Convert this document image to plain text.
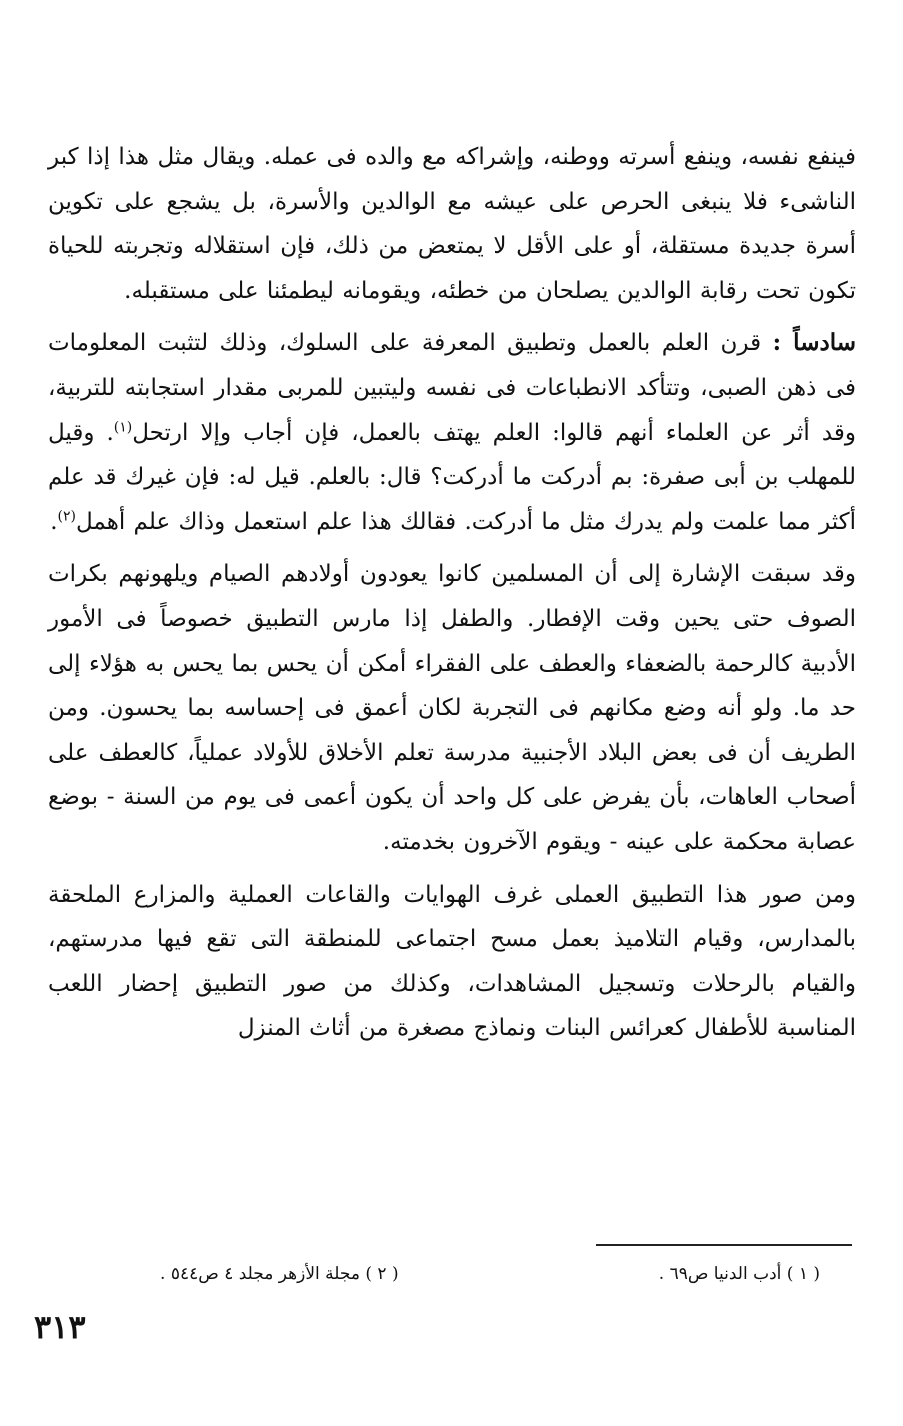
فينفع نفسه، وينفع أسرته ووطنه، وإشراكه مع والده فى عمله. ويقال مثل هذا إذا كبر الناشىء فلا ينبغى الحرص على عيشه مع الوالدين والأسرة، بل يشجع على تكوين أسرة جديدة مستقلة، أو على الأقل لا يمتعض من ذلك، فإن استقلاله وتجربته للحياة تكون تحت رقابة الوالدين يصلحان من خطئه، ويقومانه ليطمئنا على مستقبله.

سادساً : قرن العلم بالعمل وتطبيق المعرفة على السلوك، وذلك لتثبت المعلومات فى ذهن الصبى، وتتأكد الانطباعات فى نفسه وليتبين للمربى مقدار استجابته للتربية، وقد أثر عن العلماء أنهم قالوا: العلم يهتف بالعمل، فإن أجاب وإلا ارتحل$^{(١)}$. وقيل للمهلب بن أبى صفرة: بم أدركت ما أدركت؟ قال: بالعلم. قيل له: فإن غيرك قد علم أكثر مما علمت ولم يدرك مثل ما أدركت. فقالك هذا علم استعمل وذاك علم أهمل$^{(٢)}$.

وقد سبقت الإشارة إلى أن المسلمين كانوا يعودون أولادهم الصيام ويلهونهم بكرات الصوف حتى يحين وقت الإفطار. والطفل إذا مارس التطبيق خصوصاً فى الأمور الأدبية كالرحمة بالضعفاء والعطف على الفقراء أمكن أن يحس بما يحس به هؤلاء إلى حد ما. ولو أنه وضع مكانهم فى التجربة لكان أعمق فى إحساسه بما يحسون. ومن الطريف أن فى بعض البلاد الأجنبية مدرسة تعلم الأخلاق للأولاد عملياً، كالعطف على أصحاب العاهات، بأن يفرض على كل واحد أن يكون أعمى فى يوم من السنة - بوضع عصابة محكمة على عينه - ويقوم الآخرون بخدمته.

ومن صور هذا التطبيق العملى غرف الهوايات والقاعات العملية والمزارع الملحقة بالمدارس، وقيام التلاميذ بعمل مسح اجتماعى للمنطقة التى تقع فيها مدرستهم، والقيام بالرحلات وتسجيل المشاهدات، وكذلك من صور التطبيق إحضار اللعب المناسبة للأطفال كعرائس البنات ونماذج مصغرة من أثاث المنزل

( ١ ) أدب الدنيا ص٦٩ .
( ٢ ) مجلة الأزهر مجلد ٤ ص٥٤٤ .
٣١٣
